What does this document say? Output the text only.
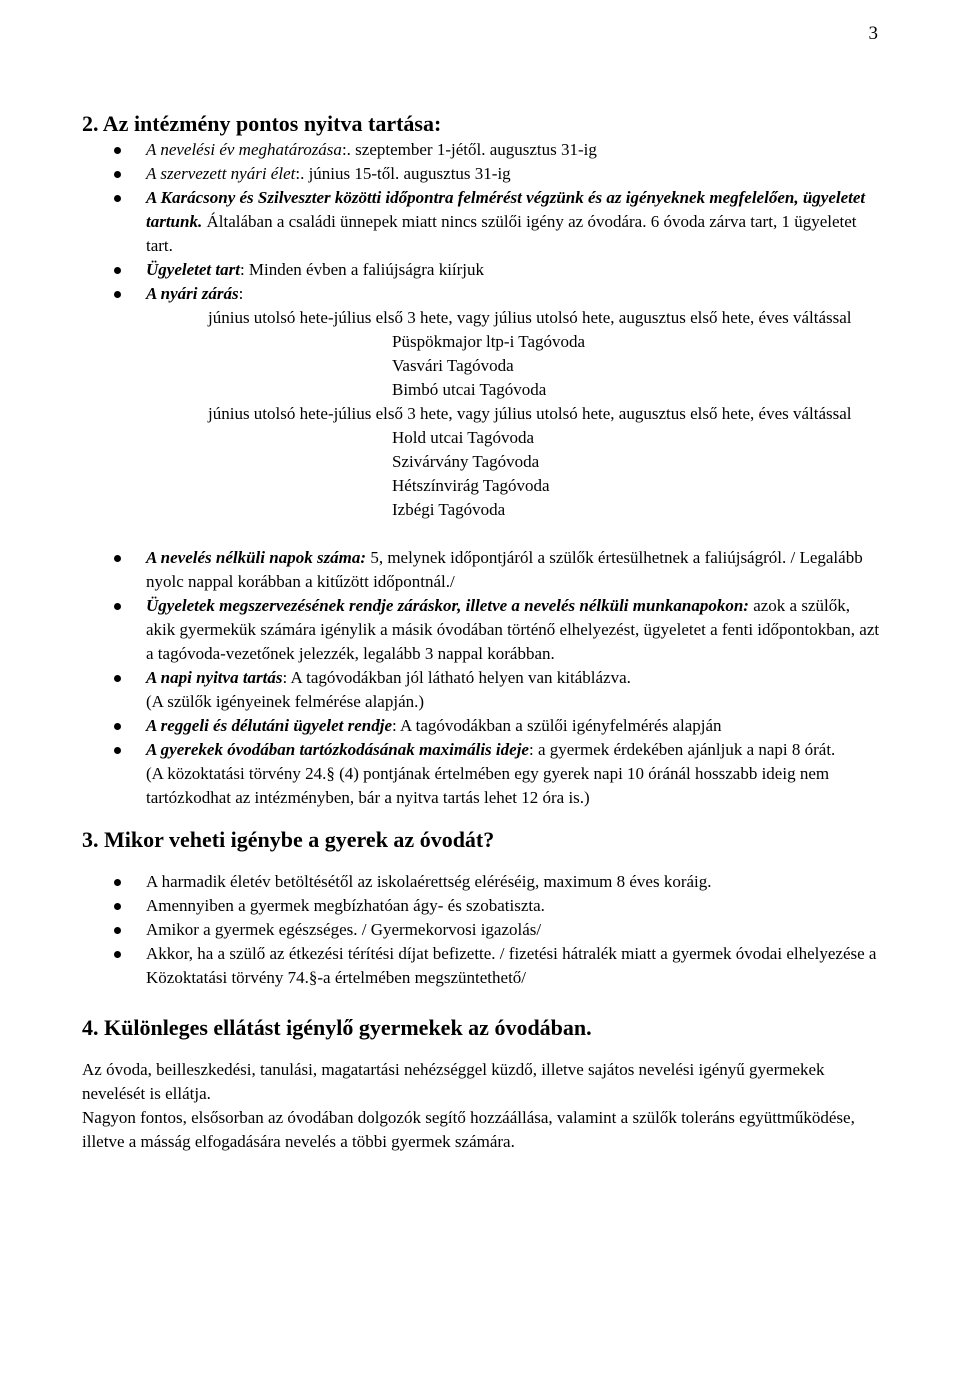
3
2. Az intézmény pontos nyitva tartása:
A nevelési év meghatározása:. szeptember 1-jétől. augusztus 31-ig
A szervezett nyári élet:. június 15-től. augusztus 31-ig
A Karácsony és Szilveszter közötti időpontra felmérést végzünk és az igényeknek megfelelően, ügyeletet tartunk. Általában a családi ünnepek miatt nincs szülői igény az óvodára. 6 óvoda zárva tart, 1 ügyeletet tart.
Ügyeletet tart: Minden évben a faliújságra kiírjuk
A nyári zárás:
június utolsó hete-július első 3 hete, vagy július utolsó hete, augusztus első hete, éves váltással
Püspökmajor ltp-i Tagóvoda
Vasvári Tagóvoda
Bimbó utcai Tagóvoda
június utolsó hete-július első 3 hete, vagy július utolsó hete, augusztus első hete, éves váltással
Hold utcai Tagóvoda
Szivárvány Tagóvoda
Hétszínvirág Tagóvoda
Izbégi Tagóvoda
A nevelés nélküli napok száma: 5, melynek időpontjáról a szülők értesülhetnek a faliújságról. / Legalább nyolc nappal korábban a kitűzött időpontnál./
Ügyeletek megszervezésének rendje záráskor, illetve a nevelés nélküli munkanapokon: azok a szülők, akik gyermekük számára igénylik a másik óvodában történő elhelyezést, ügyeletet a fenti időpontokban, azt a tagóvoda-vezetőnek jelezzék, legalább 3 nappal korábban.
A napi nyitva tartás: A tagóvodákban jól látható helyen van kitáblázva.
(A szülők igényeinek felmérése alapján.)
A reggeli és délutáni ügyelet rendje: A tagóvodákban a szülői igényfelmérés alapján
A gyerekek óvodában tartózkodásának maximális ideje: a gyermek érdekében ajánljuk a napi 8 órát.
(A közoktatási törvény 24.§ (4) pontjának értelmében egy gyerek napi 10 óránál hosszabb ideig nem tartózkodhat az intézményben, bár a nyitva tartás lehet 12 óra is.)
3. Mikor veheti igénybe a gyerek az óvodát?
A harmadik életév betöltésétől az iskolaérettség eléréséig, maximum 8 éves koráig.
Amennyiben a gyermek megbízhatóan ágy- és szobatiszta.
Amikor a gyermek egészséges. / Gyermekorvosi igazolás/
Akkor, ha a szülő az étkezési térítési díjat befizette. / fizetési hátralék miatt a gyermek óvodai elhelyezése a Közoktatási törvény 74.§-a értelmében megszüntethető/
4. Különleges ellátást igénylő gyermekek az óvodában.

Az óvoda, beilleszkedési, tanulási, magatartási nehézséggel küzdő, illetve sajátos nevelési igényű gyermekek nevelését is ellátja.

Nagyon fontos, elsősorban az óvodában dolgozók segítő hozzáállása, valamint a szülők toleráns együttműködése, illetve a másság elfogadására nevelés a többi gyermek számára.
